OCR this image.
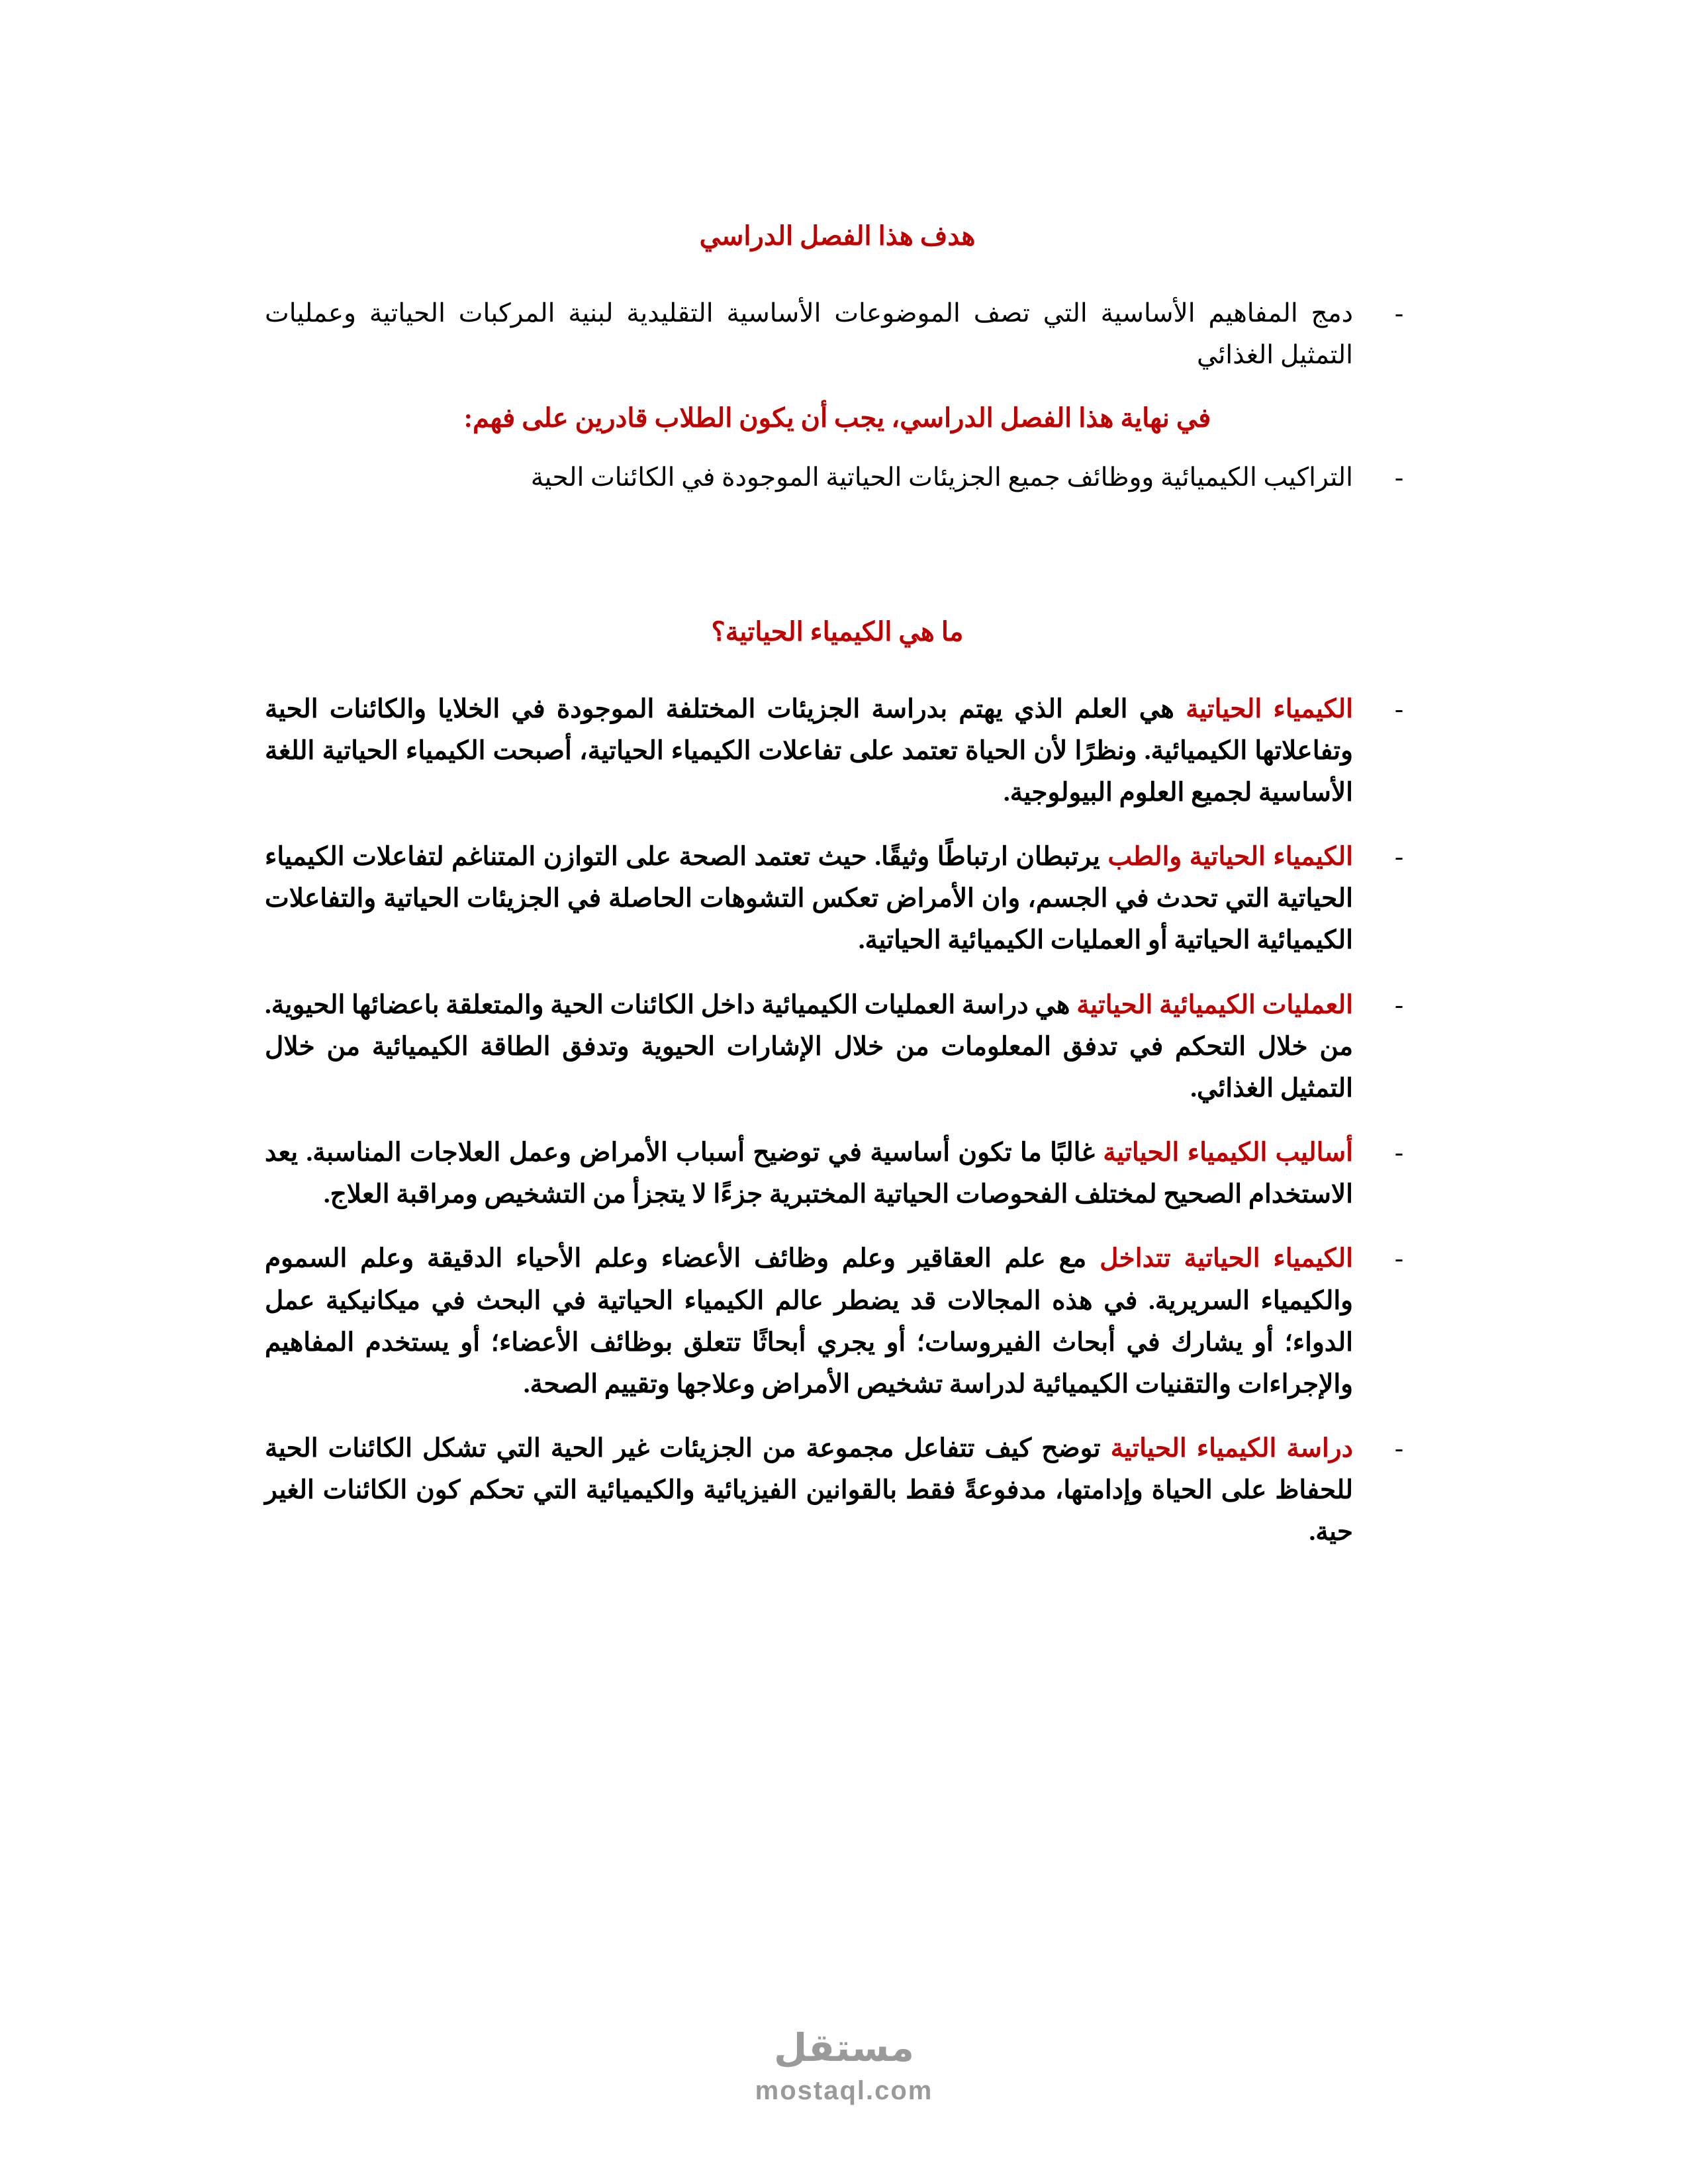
هدف هذا الفصل الدراسي
-
دمج المفاهيم الأساسية التي تصف الموضوعات الأساسية التقليدية لبنية المركبات الحياتية وعمليات التمثيل الغذائي
في نهاية هذا الفصل الدراسي، يجب أن يكون الطلاب قادرين على فهم:
-
التراكيب الكيميائية ووظائف جميع الجزيئات الحياتية الموجودة في الكائنات الحية
ما هي الكيمياء الحياتية؟
-
الكيمياء الحياتية هي العلم الذي يهتم بدراسة الجزيئات المختلفة الموجودة في الخلايا والكائنات الحية وتفاعلاتها الكيميائية. ونظرًا لأن الحياة تعتمد على تفاعلات الكيمياء الحياتية، أصبحت الكيمياء الحياتية اللغة الأساسية لجميع العلوم البيولوجية.
-
الكيمياء الحياتية والطب يرتبطان ارتباطًا وثيقًا. حيث تعتمد الصحة على التوازن المتناغم لتفاعلات الكيمياء الحياتية التي تحدث في الجسم، وان الأمراض تعكس التشوهات الحاصلة في الجزيئات الحياتية والتفاعلات الكيميائية الحياتية أو العمليات الكيميائية الحياتية.
-
العمليات الكيميائية الحياتية هي دراسة العمليات الكيميائية داخل الكائنات الحية والمتعلقة باعضائها الحيوية. من خلال التحكم في تدفق المعلومات من خلال الإشارات الحيوية وتدفق الطاقة الكيميائية من خلال التمثيل الغذائي.
-
أساليب الكيمياء الحياتية غالبًا ما تكون أساسية في توضيح أسباب الأمراض وعمل العلاجات المناسبة. يعد الاستخدام الصحيح لمختلف الفحوصات الحياتية المختبرية جزءًا لا يتجزأ من التشخيص ومراقبة العلاج.
-
الكيمياء الحياتية تتداخل مع علم العقاقير وعلم وظائف الأعضاء وعلم الأحياء الدقيقة وعلم السموم والكيمياء السريرية. في هذه المجالات قد يضطر عالم الكيمياء الحياتية في البحث في ميكانيكية عمل الدواء؛ أو يشارك في أبحاث الفيروسات؛ أو يجري أبحاثًا تتعلق بوظائف الأعضاء؛ أو يستخدم المفاهيم والإجراءات والتقنيات الكيميائية لدراسة تشخيص الأمراض وعلاجها وتقييم الصحة.
-
دراسة الكيمياء الحياتية توضح كيف تتفاعل مجموعة من الجزيئات غير الحية التي تشكل الكائنات الحية للحفاظ على الحياة وإدامتها، مدفوعةً فقط بالقوانين الفيزيائية والكيميائية التي تحكم كون الكائنات الغير حية.
مستقل
mostaql.com
